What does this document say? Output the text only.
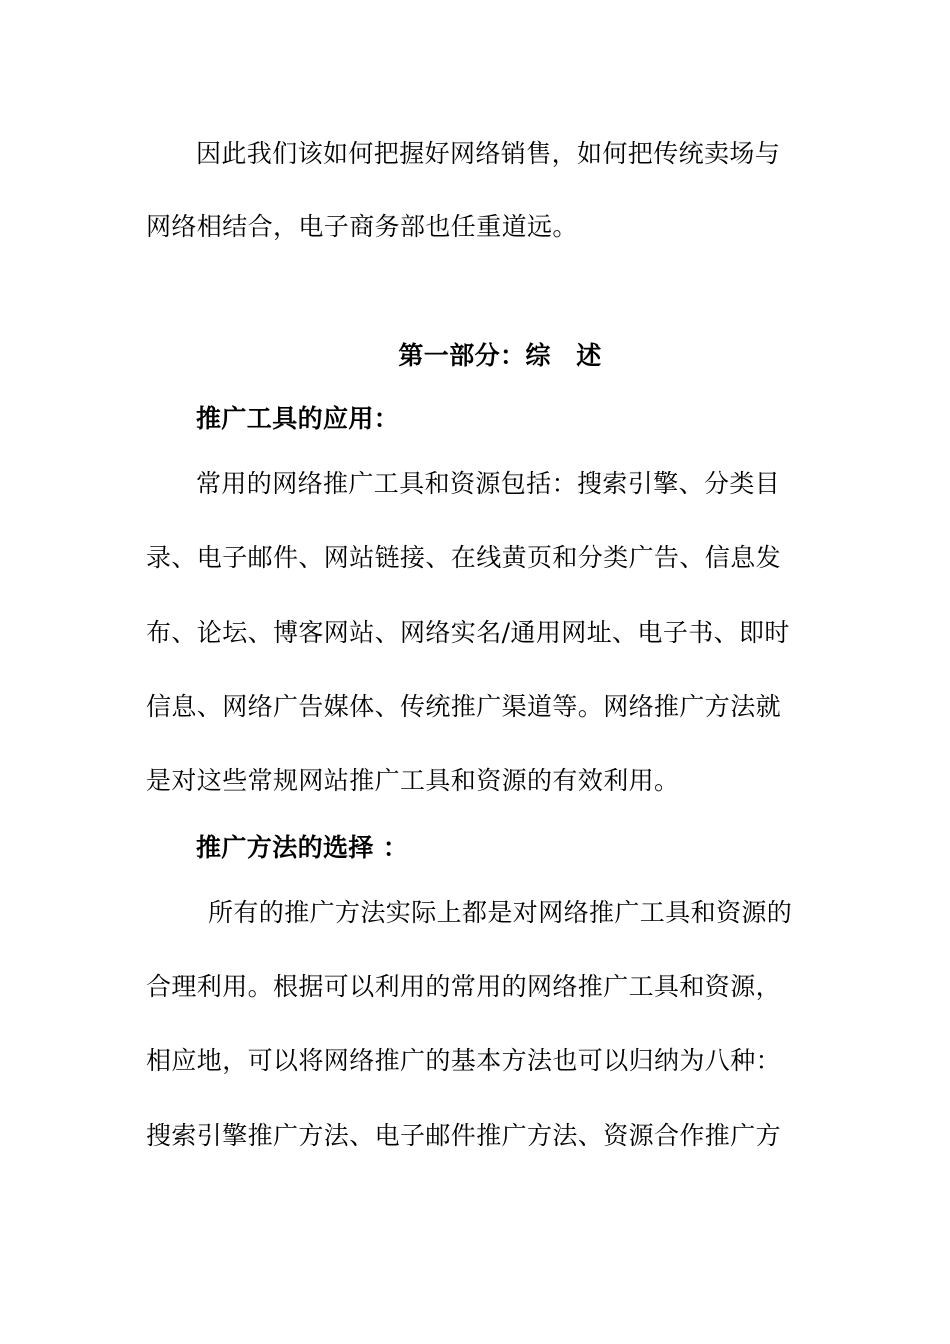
因此我们该如何把握好网络销售，如何把传统卖场与
网络相结合，电子商务部也任重道远。
第一部分：综　述
推广工具的应用：
常用的网络推广工具和资源包括：搜索引擎、分类目
录、电子邮件、网站链接、在线黄页和分类广告、信息发
布、论坛、博客网站、网络实名/通用网址、电子书、即时
信息、网络广告媒体、传统推广渠道等。网络推广方法就
是对这些常规网站推广工具和资源的有效利用。
推广方法的选择 ：
所有的推广方法实际上都是对网络推广工具和资源的
合理利用。根据可以利用的常用的网络推广工具和资源，
相应地，可以将网络推广的基本方法也可以归纳为八种：
搜索引擎推广方法、电子邮件推广方法、资源合作推广方
